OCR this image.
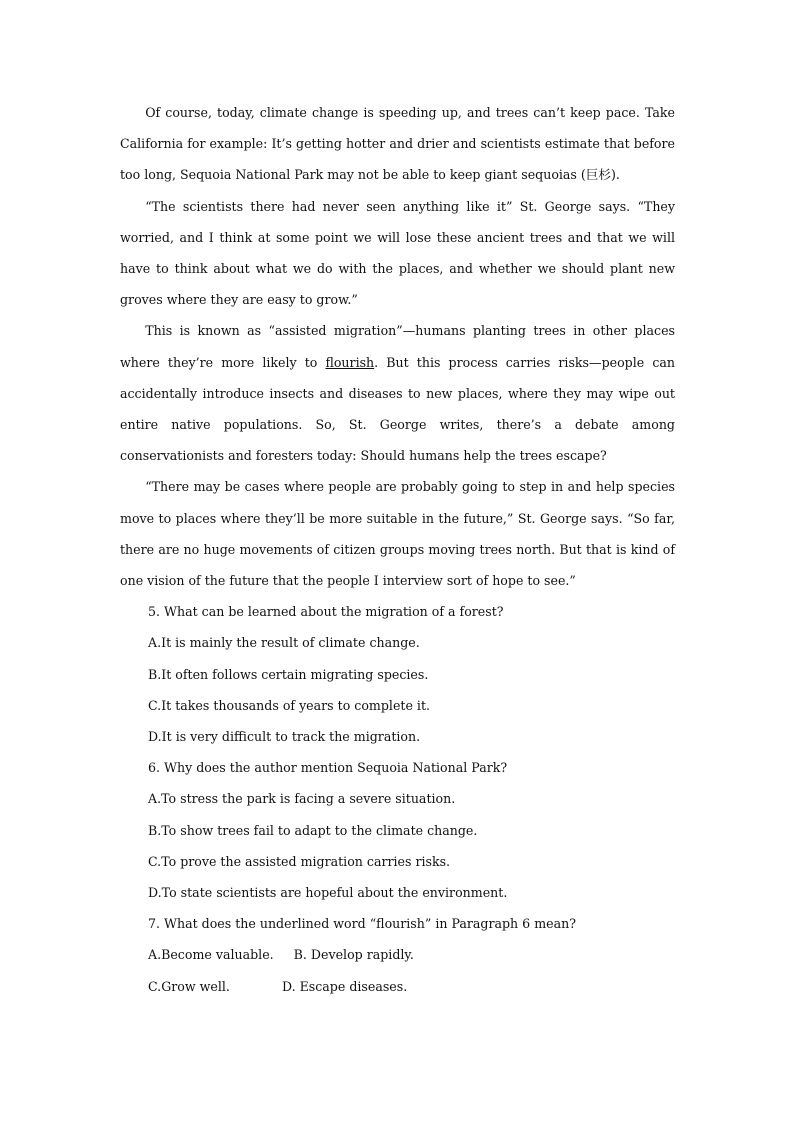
Of course, today, climate change is speeding up, and trees can’t keep pace. Take California for example: It’s getting hotter and drier and scientists estimate that before too long, Sequoia National Park may not be able to keep giant sequoias (巨杉).

“The scientists there had never seen anything like it” St. George says. “They worried, and I think at some point we will lose these ancient trees and that we will have to think about what we do with the places, and whether we should plant new groves where they are easy to grow.”

This is known as “assisted migration”—humans planting trees in other places where they’re more likely to flourish. But this process carries risks—people can accidentally introduce insects and diseases to new places, where they may wipe out entire native populations. So, St. George writes, there’s a debate among conservationists and foresters today: Should humans help the trees escape?

“There may be cases where people are probably going to step in and help species move to places where they’ll be more suitable in the future,” St. George says. “So far, there are no huge movements of citizen groups moving trees north. But that is kind of one vision of the future that the people I interview sort of hope to see.”

5. What can be learned about the migration of a forest?

A.It is mainly the result of climate change.

B.It often follows certain migrating species.

C.It takes thousands of years to complete it.

D.It is very difficult to track the migration.

6. Why does the author mention Sequoia National Park?

A.To stress the park is facing a severe situation.

B.To show trees fail to adapt to the climate change.

C.To prove the assisted migration carries risks.

D.To state scientists are hopeful about the environment.

7. What does the underlined word “flourish” in Paragraph 6 mean?

A.Become valuable. B. Develop rapidly.

C.Grow well.	D. Escape diseases.
